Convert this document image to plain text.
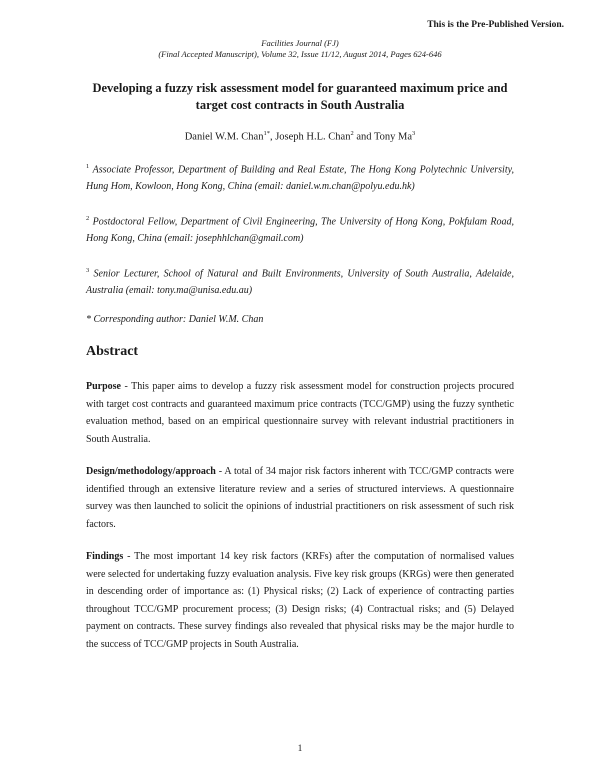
This is the Pre-Published Version.
Facilities Journal (FJ)
(Final Accepted Manuscript), Volume 32, Issue 11/12, August 2014, Pages 624-646
Developing a fuzzy risk assessment model for guaranteed maximum price and target cost contracts in South Australia
Daniel W.M. Chan$^{1*}$, Joseph H.L. Chan$^2$ and Tony Ma$^3$
$^1$ Associate Professor, Department of Building and Real Estate, The Hong Kong Polytechnic University, Hung Hom, Kowloon, Hong Kong, China (email: daniel.w.m.chan@polyu.edu.hk)
$^2$ Postdoctoral Fellow, Department of Civil Engineering, The University of Hong Kong, Pokfulam Road, Hong Kong, China (email: josephhlchan@gmail.com)
$^3$ Senior Lecturer, School of Natural and Built Environments, University of South Australia, Adelaide, Australia (email: tony.ma@unisa.edu.au)
* Corresponding author: Daniel W.M. Chan
Abstract
Purpose - This paper aims to develop a fuzzy risk assessment model for construction projects procured with target cost contracts and guaranteed maximum price contracts (TCC/GMP) using the fuzzy synthetic evaluation method, based on an empirical questionnaire survey with relevant industrial practitioners in South Australia.
Design/methodology/approach - A total of 34 major risk factors inherent with TCC/GMP contracts were identified through an extensive literature review and a series of structured interviews. A questionnaire survey was then launched to solicit the opinions of industrial practitioners on risk assessment of such risk factors.
Findings - The most important 14 key risk factors (KRFs) after the computation of normalised values were selected for undertaking fuzzy evaluation analysis. Five key risk groups (KRGs) were then generated in descending order of importance as: (1) Physical risks; (2) Lack of experience of contracting parties throughout TCC/GMP procurement process; (3) Design risks; (4) Contractual risks; and (5) Delayed payment on contracts. These survey findings also revealed that physical risks may be the major hurdle to the success of TCC/GMP projects in South Australia.
1
